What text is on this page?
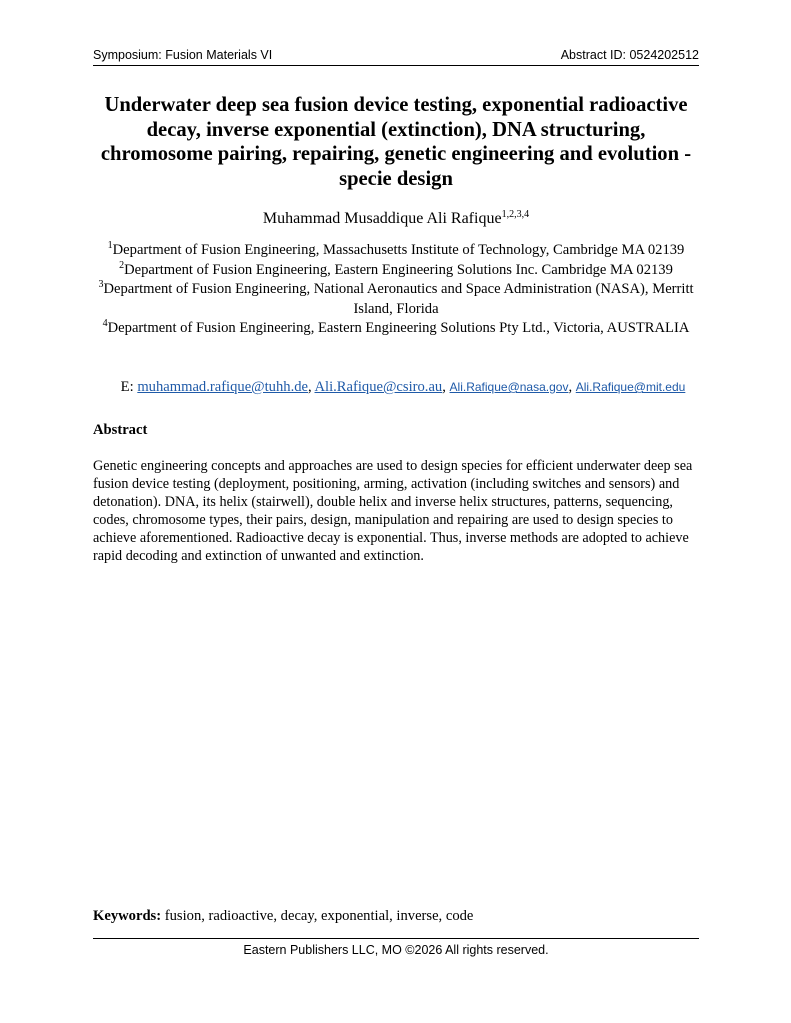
Symposium: Fusion Materials VI	Abstract ID: 0524202512
Underwater deep sea fusion device testing, exponential radioactive decay, inverse exponential (extinction), DNA structuring, chromosome pairing, repairing, genetic engineering and evolution - specie design
Muhammad Musaddique Ali Rafique$^{1,2,3,4}$

$^1$Department of Fusion Engineering, Massachusetts Institute of Technology, Cambridge MA 02139

$^2$Department of Fusion Engineering, Eastern Engineering Solutions Inc. Cambridge MA 02139

$^3$Department of Fusion Engineering, National Aeronautics and Space Administration (NASA), Merritt Island, Florida

$^4$Department of Fusion Engineering, Eastern Engineering Solutions Pty Ltd., Victoria, AUSTRALIA

E: muhammad.rafique@tuhh.de, Ali.Rafique@csiro.au, Ali.Rafique@nasa.gov, Ali.Rafique@mit.edu
Abstract
Genetic engineering concepts and approaches are used to design species for efficient underwater deep sea fusion device testing (deployment, positioning, arming, activation (including switches and sensors) and detonation). DNA, its helix (stairwell), double helix and inverse helix structures, patterns, sequencing, codes, chromosome types, their pairs, design, manipulation and repairing are used to design species to achieve aforementioned. Radioactive decay is exponential. Thus, inverse methods are adopted to achieve rapid decoding and extinction of unwanted and extinction.
Keywords: fusion, radioactive, decay, exponential, inverse, code
Eastern Publishers LLC, MO ©2026 All rights reserved.
